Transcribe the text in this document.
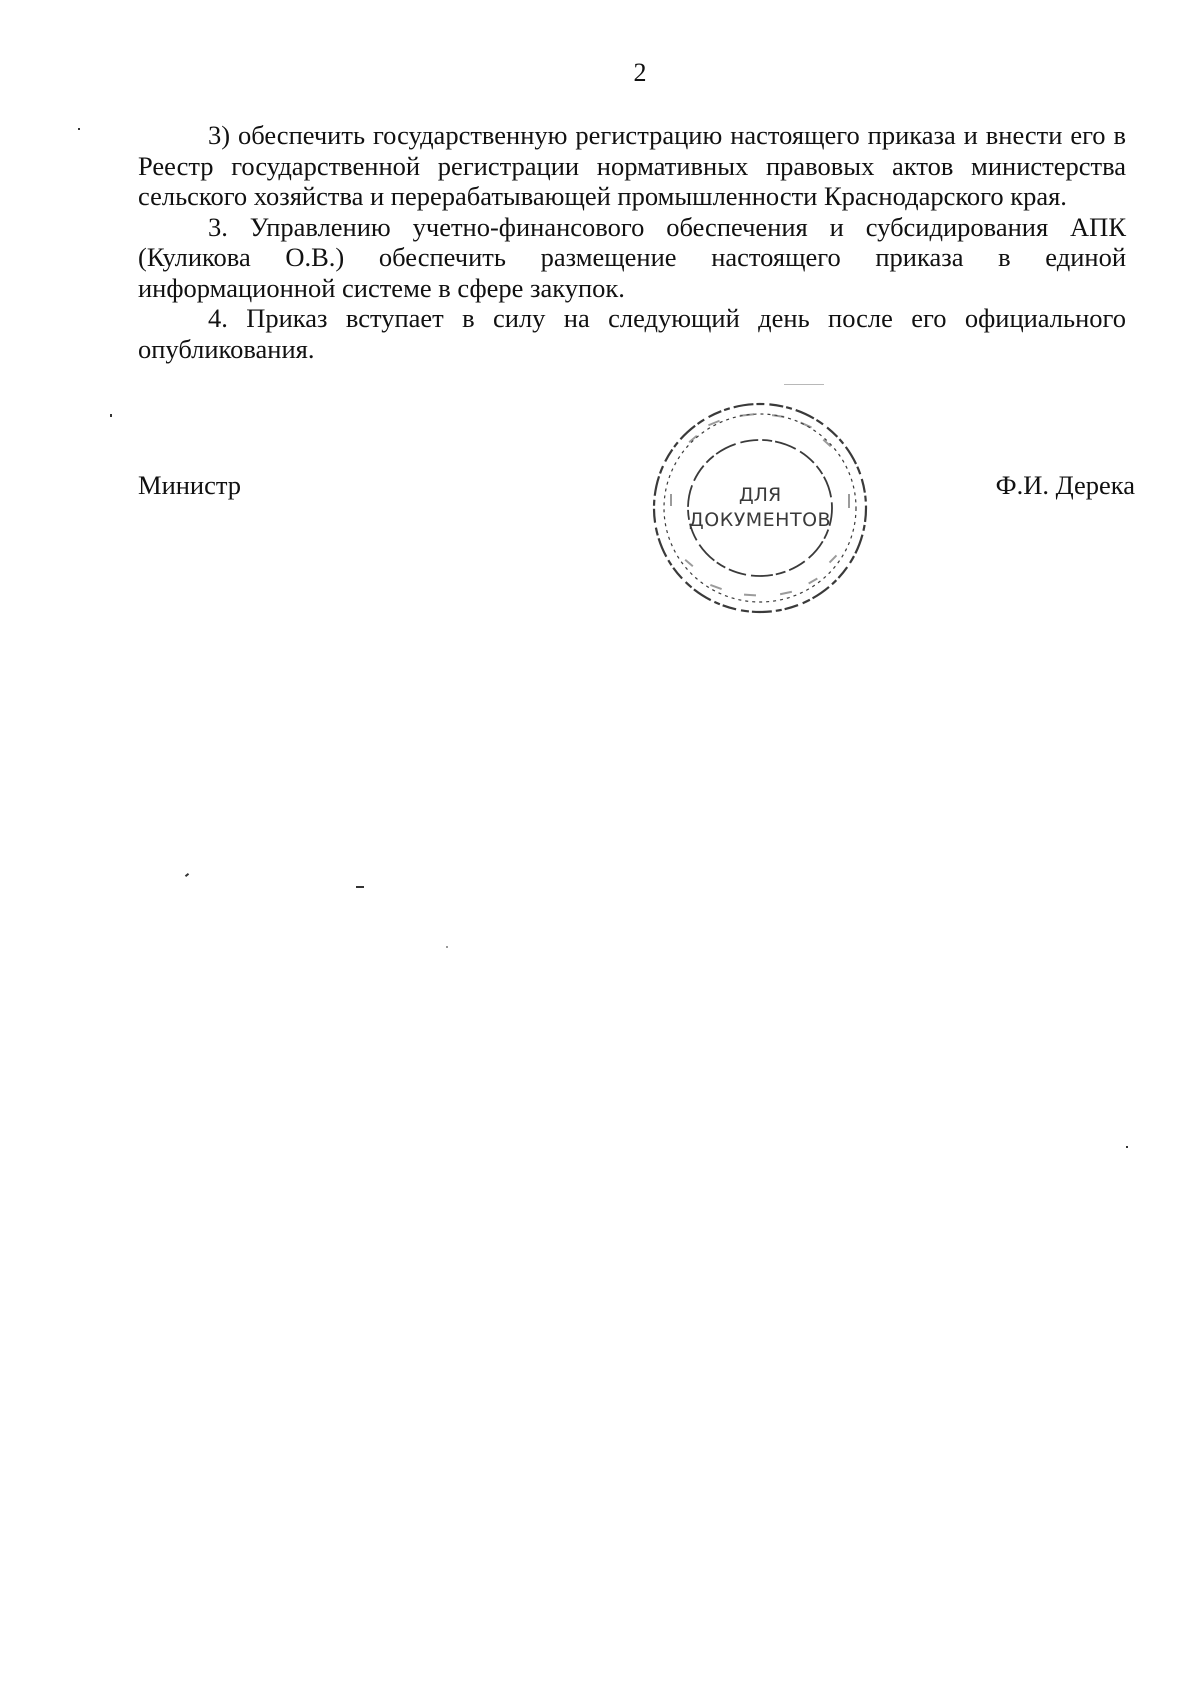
2

3) обеспечить государственную регистрацию настоящего приказа и внести его в Реестр государственной регистрации нормативных правовых актов министерства сельского хозяйства и перерабатывающей промышленности Краснодарского края.

3. Управлению учетно-финансового обеспечения и субсидирования АПК (Куликова О.В.) обеспечить размещение настоящего приказа в единой информационной системе в сфере закупок.

4. Приказ вступает в силу на следующий день после его официального опубликования.

Министр	Ф.И. Дерека
ДЛЯ
ДОКУМЕНТОВ
